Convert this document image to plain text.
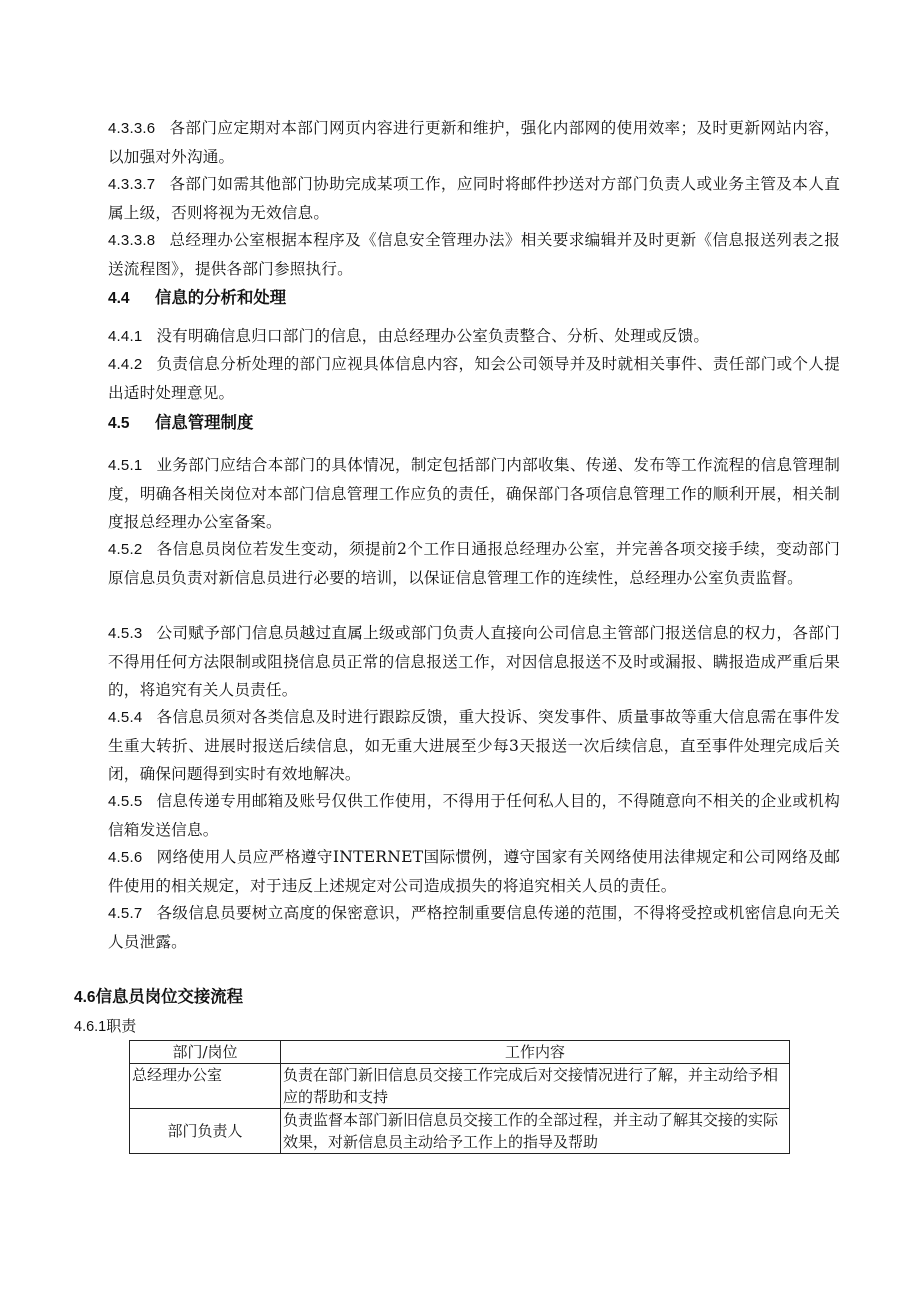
4.3.3.6 各部门应定期对本部门网页内容进行更新和维护，强化内部网的使用效率；及时更新网站内容，以加强对外沟通。

4.3.3.7 各部门如需其他部门协助完成某项工作，应同时将邮件抄送对方部门负责人或业务主管及本人直属上级，否则将视为无效信息。

4.3.3.8 总经理办公室根据本程序及《信息安全管理办法》相关要求编辑并及时更新《信息报送列表之报送流程图》，提供各部门参照执行。

4.4 信息的分析和处理

4.4.1 没有明确信息归口部门的信息，由总经理办公室负责整合、分析、处理或反馈。

4.4.2 负责信息分析处理的部门应视具体信息内容，知会公司领导并及时就相关事件、责任部门或个人提出适时处理意见。

4.5 信息管理制度

4.5.1 业务部门应结合本部门的具体情况，制定包括部门内部收集、传递、发布等工作流程的信息管理制度，明确各相关岗位对本部门信息管理工作应负的责任，确保部门各项信息管理工作的顺利开展，相关制度报总经理办公室备案。

4.5.2 各信息员岗位若发生变动，须提前2个工作日通报总经理办公室，并完善各项交接手续，变动部门原信息员负责对新信息员进行必要的培训，以保证信息管理工作的连续性，总经理办公室负责监督。

4.5.3 公司赋予部门信息员越过直属上级或部门负责人直接向公司信息主管部门报送信息的权力，各部门不得用任何方法限制或阻挠信息员正常的信息报送工作，对因信息报送不及时或漏报、瞒报造成严重后果的，将追究有关人员责任。

4.5.4 各信息员须对各类信息及时进行跟踪反馈，重大投诉、突发事件、质量事故等重大信息需在事件发生重大转折、进展时报送后续信息，如无重大进展至少每3天报送一次后续信息，直至事件处理完成后关闭，确保问题得到实时有效地解决。

4.5.5 信息传递专用邮箱及账号仅供工作使用，不得用于任何私人目的，不得随意向不相关的企业或机构信箱发送信息。

4.5.6 网络使用人员应严格遵守INTERNET国际惯例，遵守国家有关网络使用法律规定和公司网络及邮件使用的相关规定，对于违反上述规定对公司造成损失的将追究相关人员的责任。

4.5.7 各级信息员要树立高度的保密意识，严格控制重要信息传递的范围，不得将受控或机密信息向无关人员泄露。

4.6信息员岗位交接流程

4.6.1职责

部门/岗位	工作内容
总经理办公室	负责在部门新旧信息员交接工作完成后对交接情况进行了解，并主动给予相应的帮助和支持
部门负责人	负责监督本部门新旧信息员交接工作的全部过程，并主动了解其交接的实际效果，对新信息员主动给予工作上的指导及帮助
